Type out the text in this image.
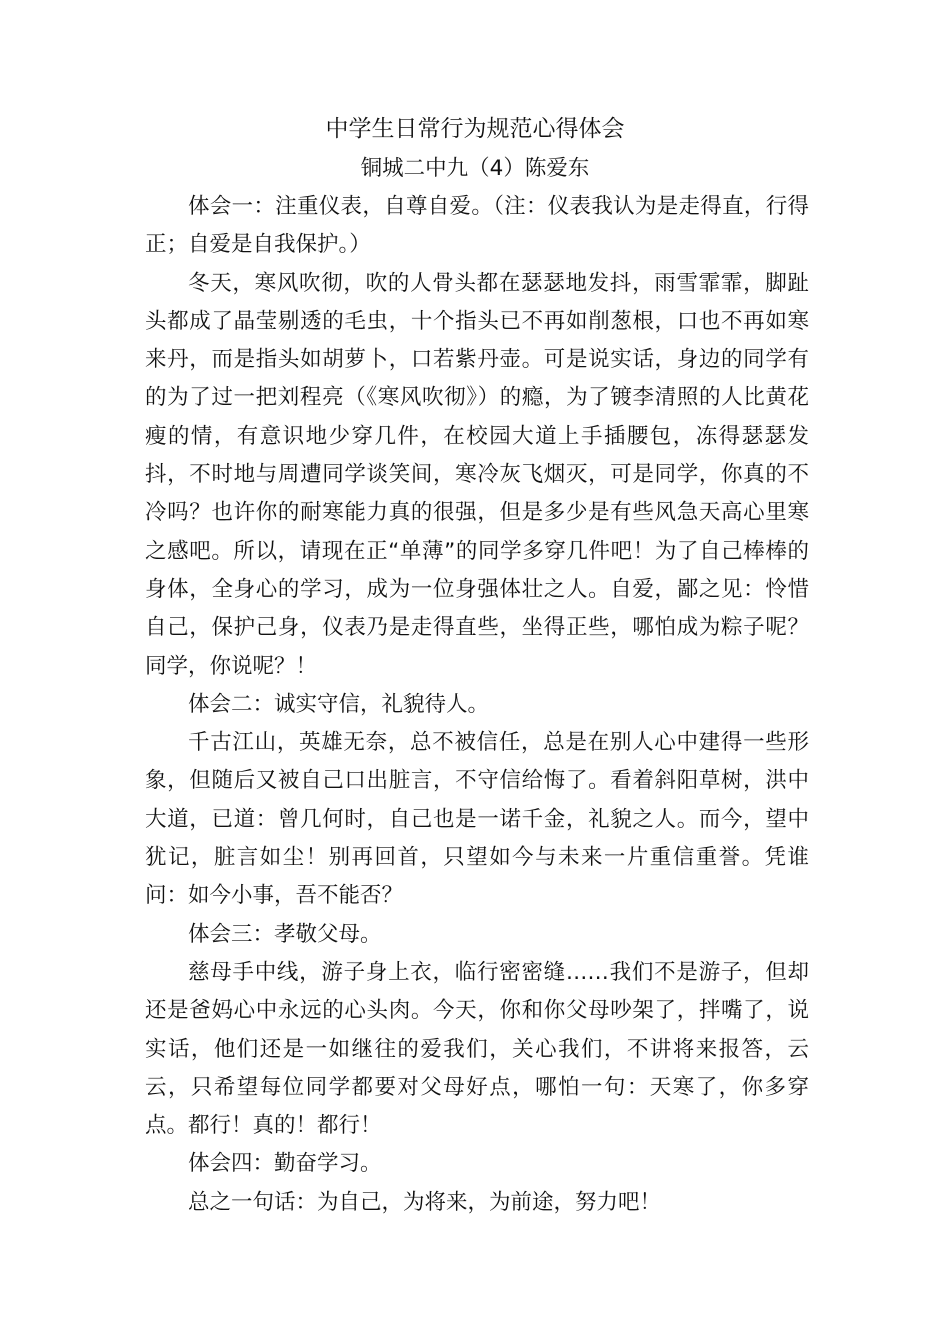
中学生日常行为规范心得体会
铜城二中九（4）陈爱东

体会一：注重仪表，自尊自爱。（注：仪表我认为是走得直，行得正；自爱是自我保护。）

冬天，寒风吹彻，吹的人骨头都在瑟瑟地发抖，雨雪霏霏，脚趾头都成了晶莹剔透的毛虫，十个指头已不再如削葱根，口也不再如寒来丹，而是指头如胡萝卜，口若紫丹壶。可是说实话，身边的同学有的为了过一把刘程亮（《寒风吹彻》）的瘾，为了镀李清照的人比黄花瘦的情，有意识地少穿几件，在校园大道上手插腰包，冻得瑟瑟发抖，不时地与周遭同学谈笑间，寒冷灰飞烟灭，可是同学，你真的不冷吗？也许你的耐寒能力真的很强，但是多少是有些风急天高心里寒之感吧。所以，请现在正“单薄”的同学多穿几件吧！为了自己棒棒的身体，全身心的学习，成为一位身强体壮之人。自爱，鄙之见：怜惜自己，保护己身，仪表乃是走得直些，坐得正些，哪怕成为粽子呢？同学，你说呢？！

体会二：诚实守信，礼貌待人。

千古江山，英雄无奈，总不被信任，总是在别人心中建得一些形象，但随后又被自己口出脏言，不守信给悔了。看着斜阳草树，洪中大道，已道：曾几何时，自己也是一诺千金，礼貌之人。而今，望中犹记，脏言如尘！别再回首，只望如今与未来一片重信重誉。凭谁问：如今小事，吾不能否？

体会三：孝敬父母。

慈母手中线，游子身上衣，临行密密缝……我们不是游子，但却还是爸妈心中永远的心头肉。今天，你和你父母吵架了，拌嘴了，说实话，他们还是一如继往的爱我们，关心我们，不讲将来报答，云云，只希望每位同学都要对父母好点，哪怕一句：天寒了，你多穿点。都行！真的！都行！

体会四：勤奋学习。

总之一句话：为自己，为将来，为前途，努力吧！
